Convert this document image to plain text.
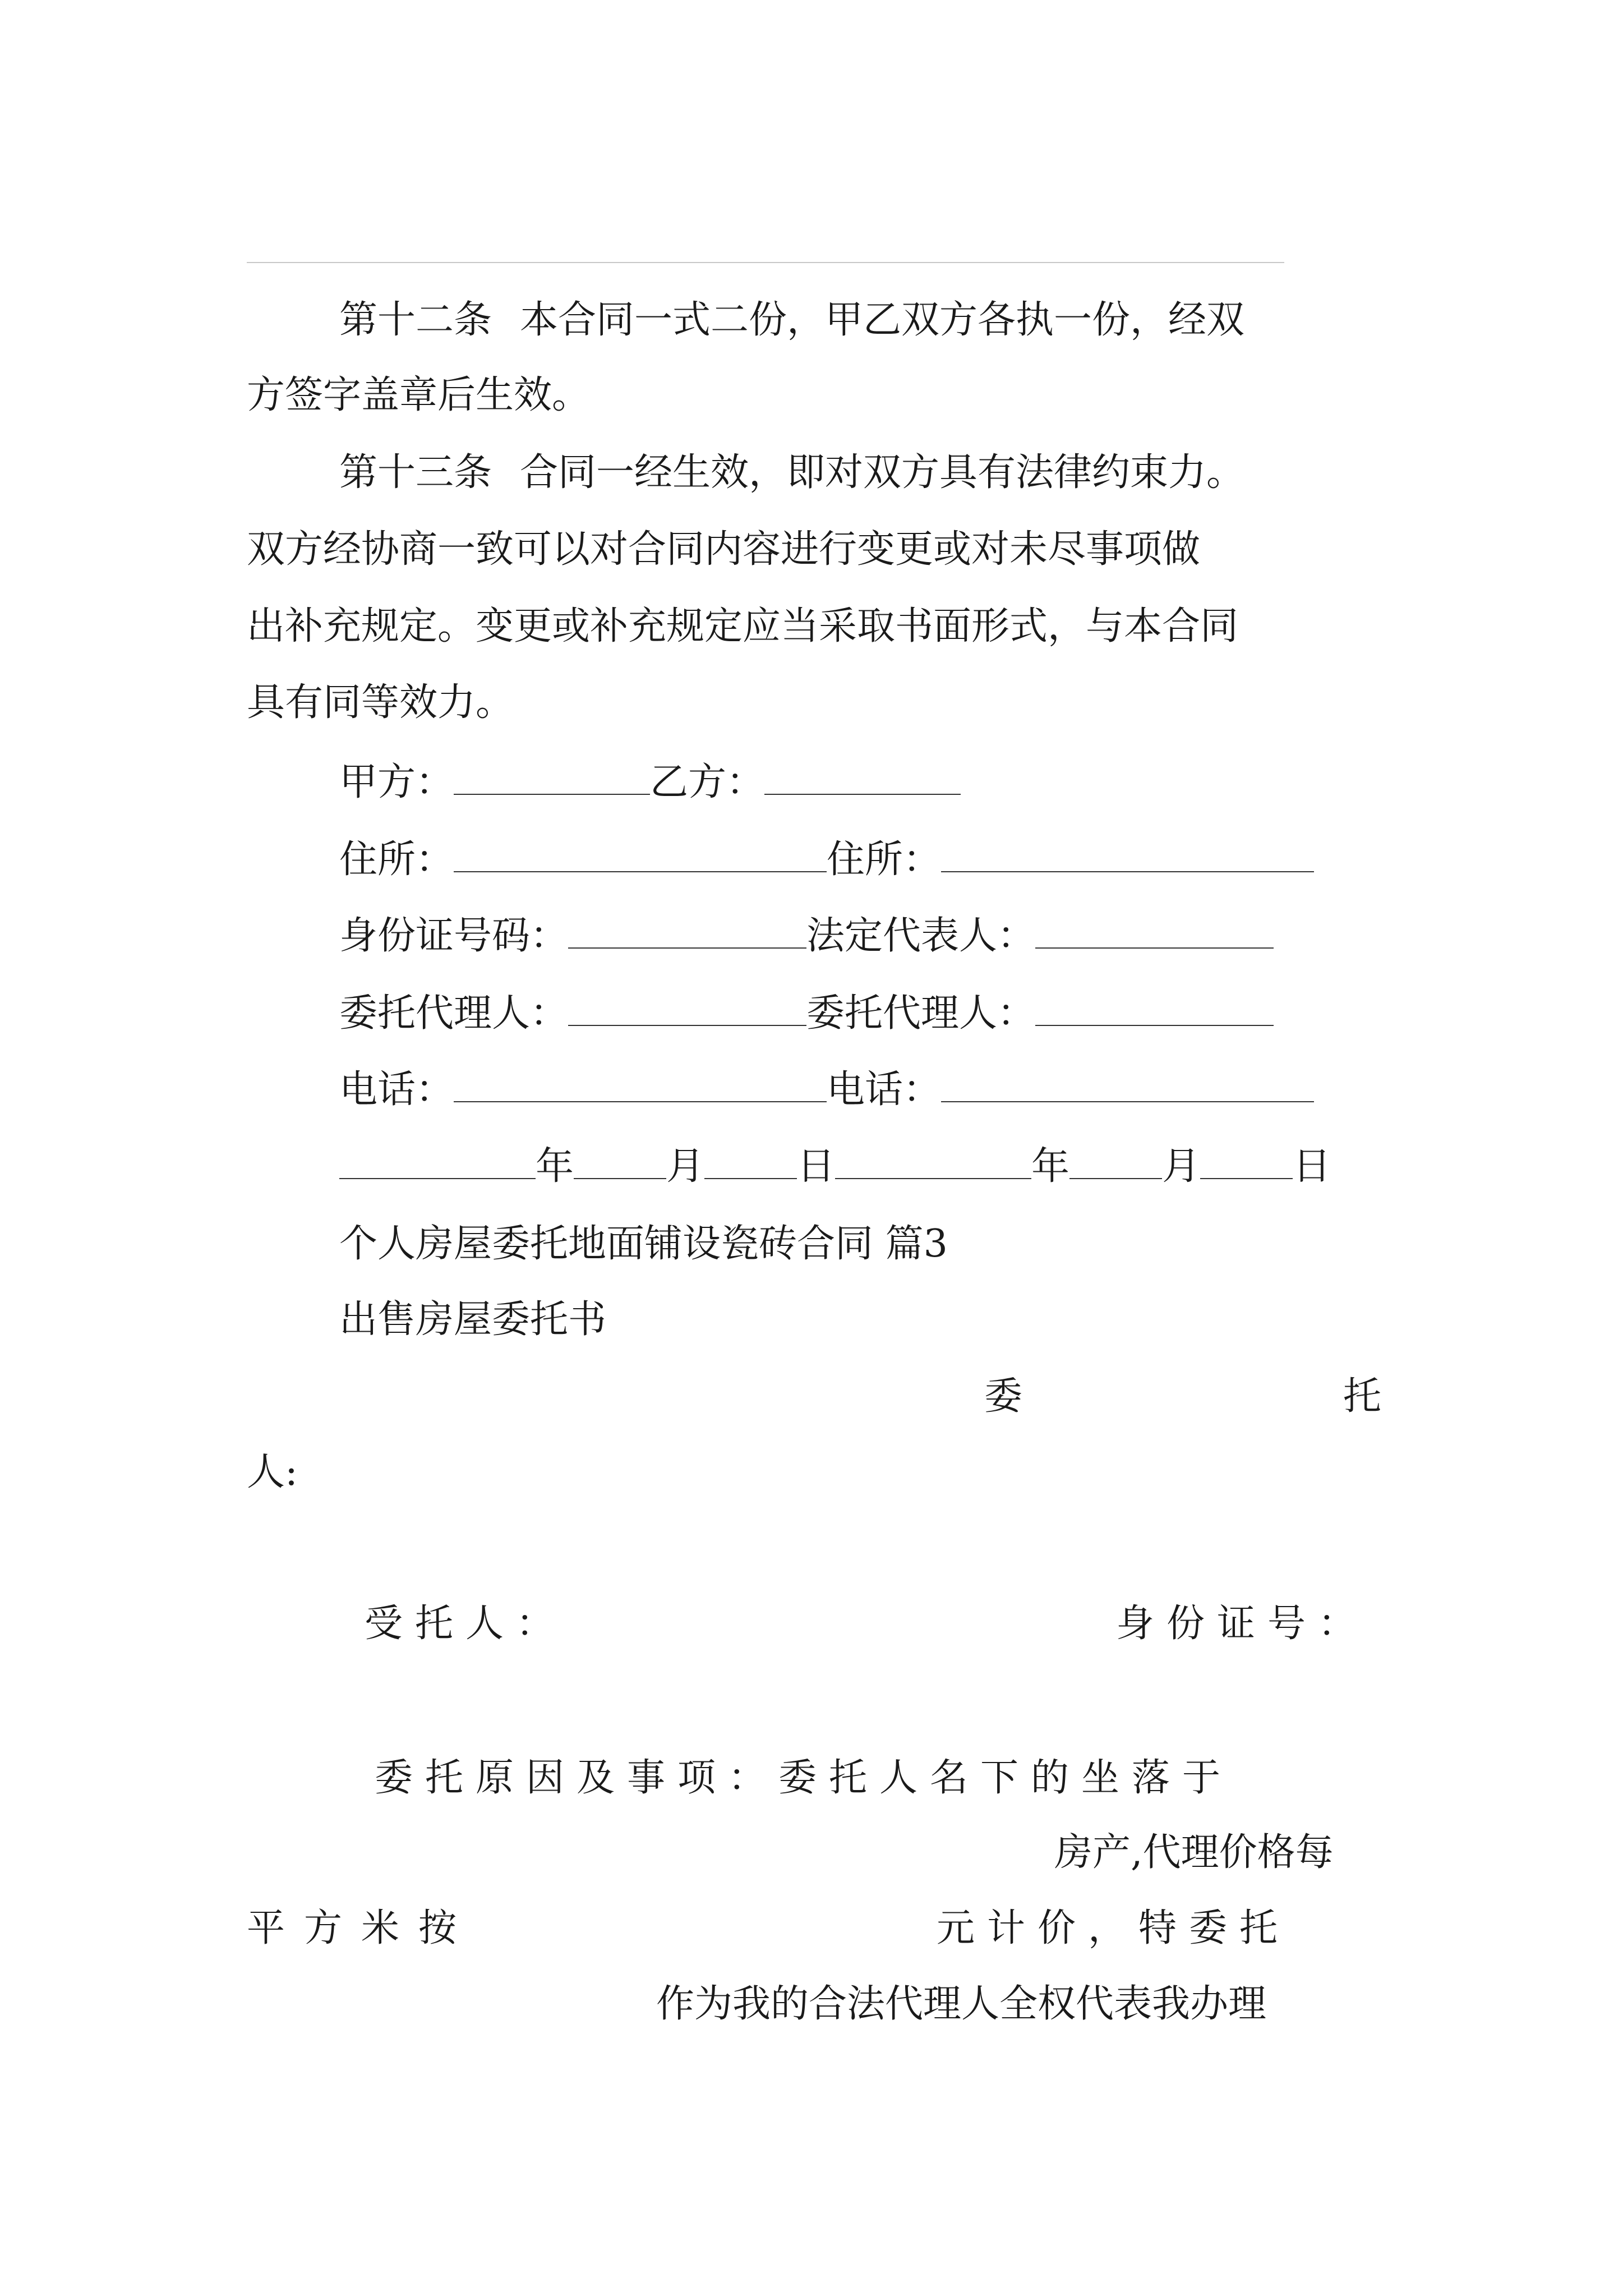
第十二条 本合同一式二份，甲乙双方各执一份，经双
方签字盖章后生效。
第十三条 合同一经生效，即对双方具有法律约束力。
双方经协商一致可以对合同内容进行变更或对未尽事项做
出补充规定。变更或补充规定应当采取书面形式，与本合同
具有同等效力。
甲方：	乙方：
住所：	住所：
身份证号码：	法定代表人：
委托代理人：	委托代理人：
电话：	电话：
年 月 日	年 月 日
个人房屋委托地面铺设瓷砖合同 篇3
出售房屋委托书
委	托
人:
受托人：	身份证号：
委托原因及事项：委托人名下的坐落于
房产,代理价格每
平方米按	元计价，特委托
作为我的合法代理人全权代表我办理
